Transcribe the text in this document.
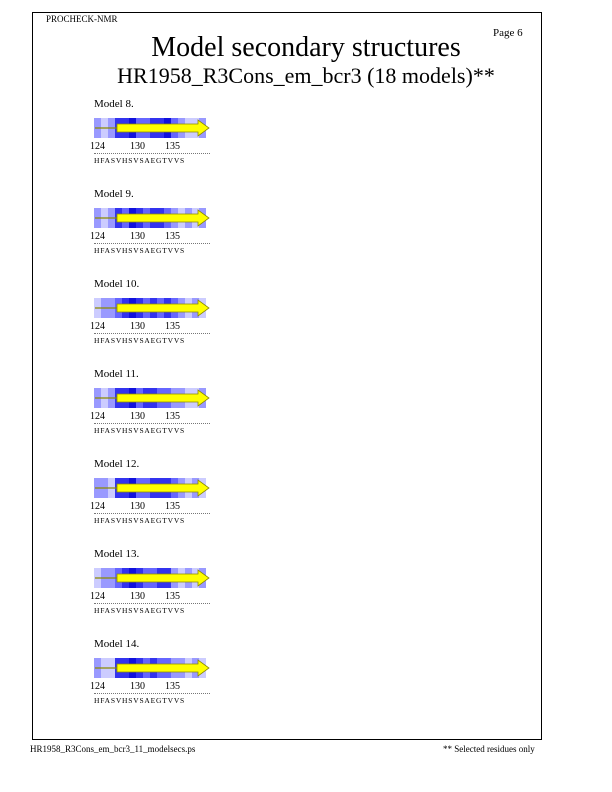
PROCHECK-NMR
Page 6
Model secondary structures
HR1958_R3Cons_em_bcr3 (18 models)**
Model 8.
124	130 135
HFASVHSVSAEGTVVS
Model 9.
124	130 135
HFASVHSVSAEGTVVS
Model 10.
124	130 135
HFASVHSVSAEGTVVS
Model 11.
124	130 135
HFASVHSVSAEGTVVS
Model 12.
124	130 135
HFASVHSVSAEGTVVS
Model 13.
124	130 135
HFASVHSVSAEGTVVS
Model 14.
124	130 135
HFASVHSVSAEGTVVS
HR1958_R3Cons_em_bcr3_11_modelsecs.ps	** Selected residues only
